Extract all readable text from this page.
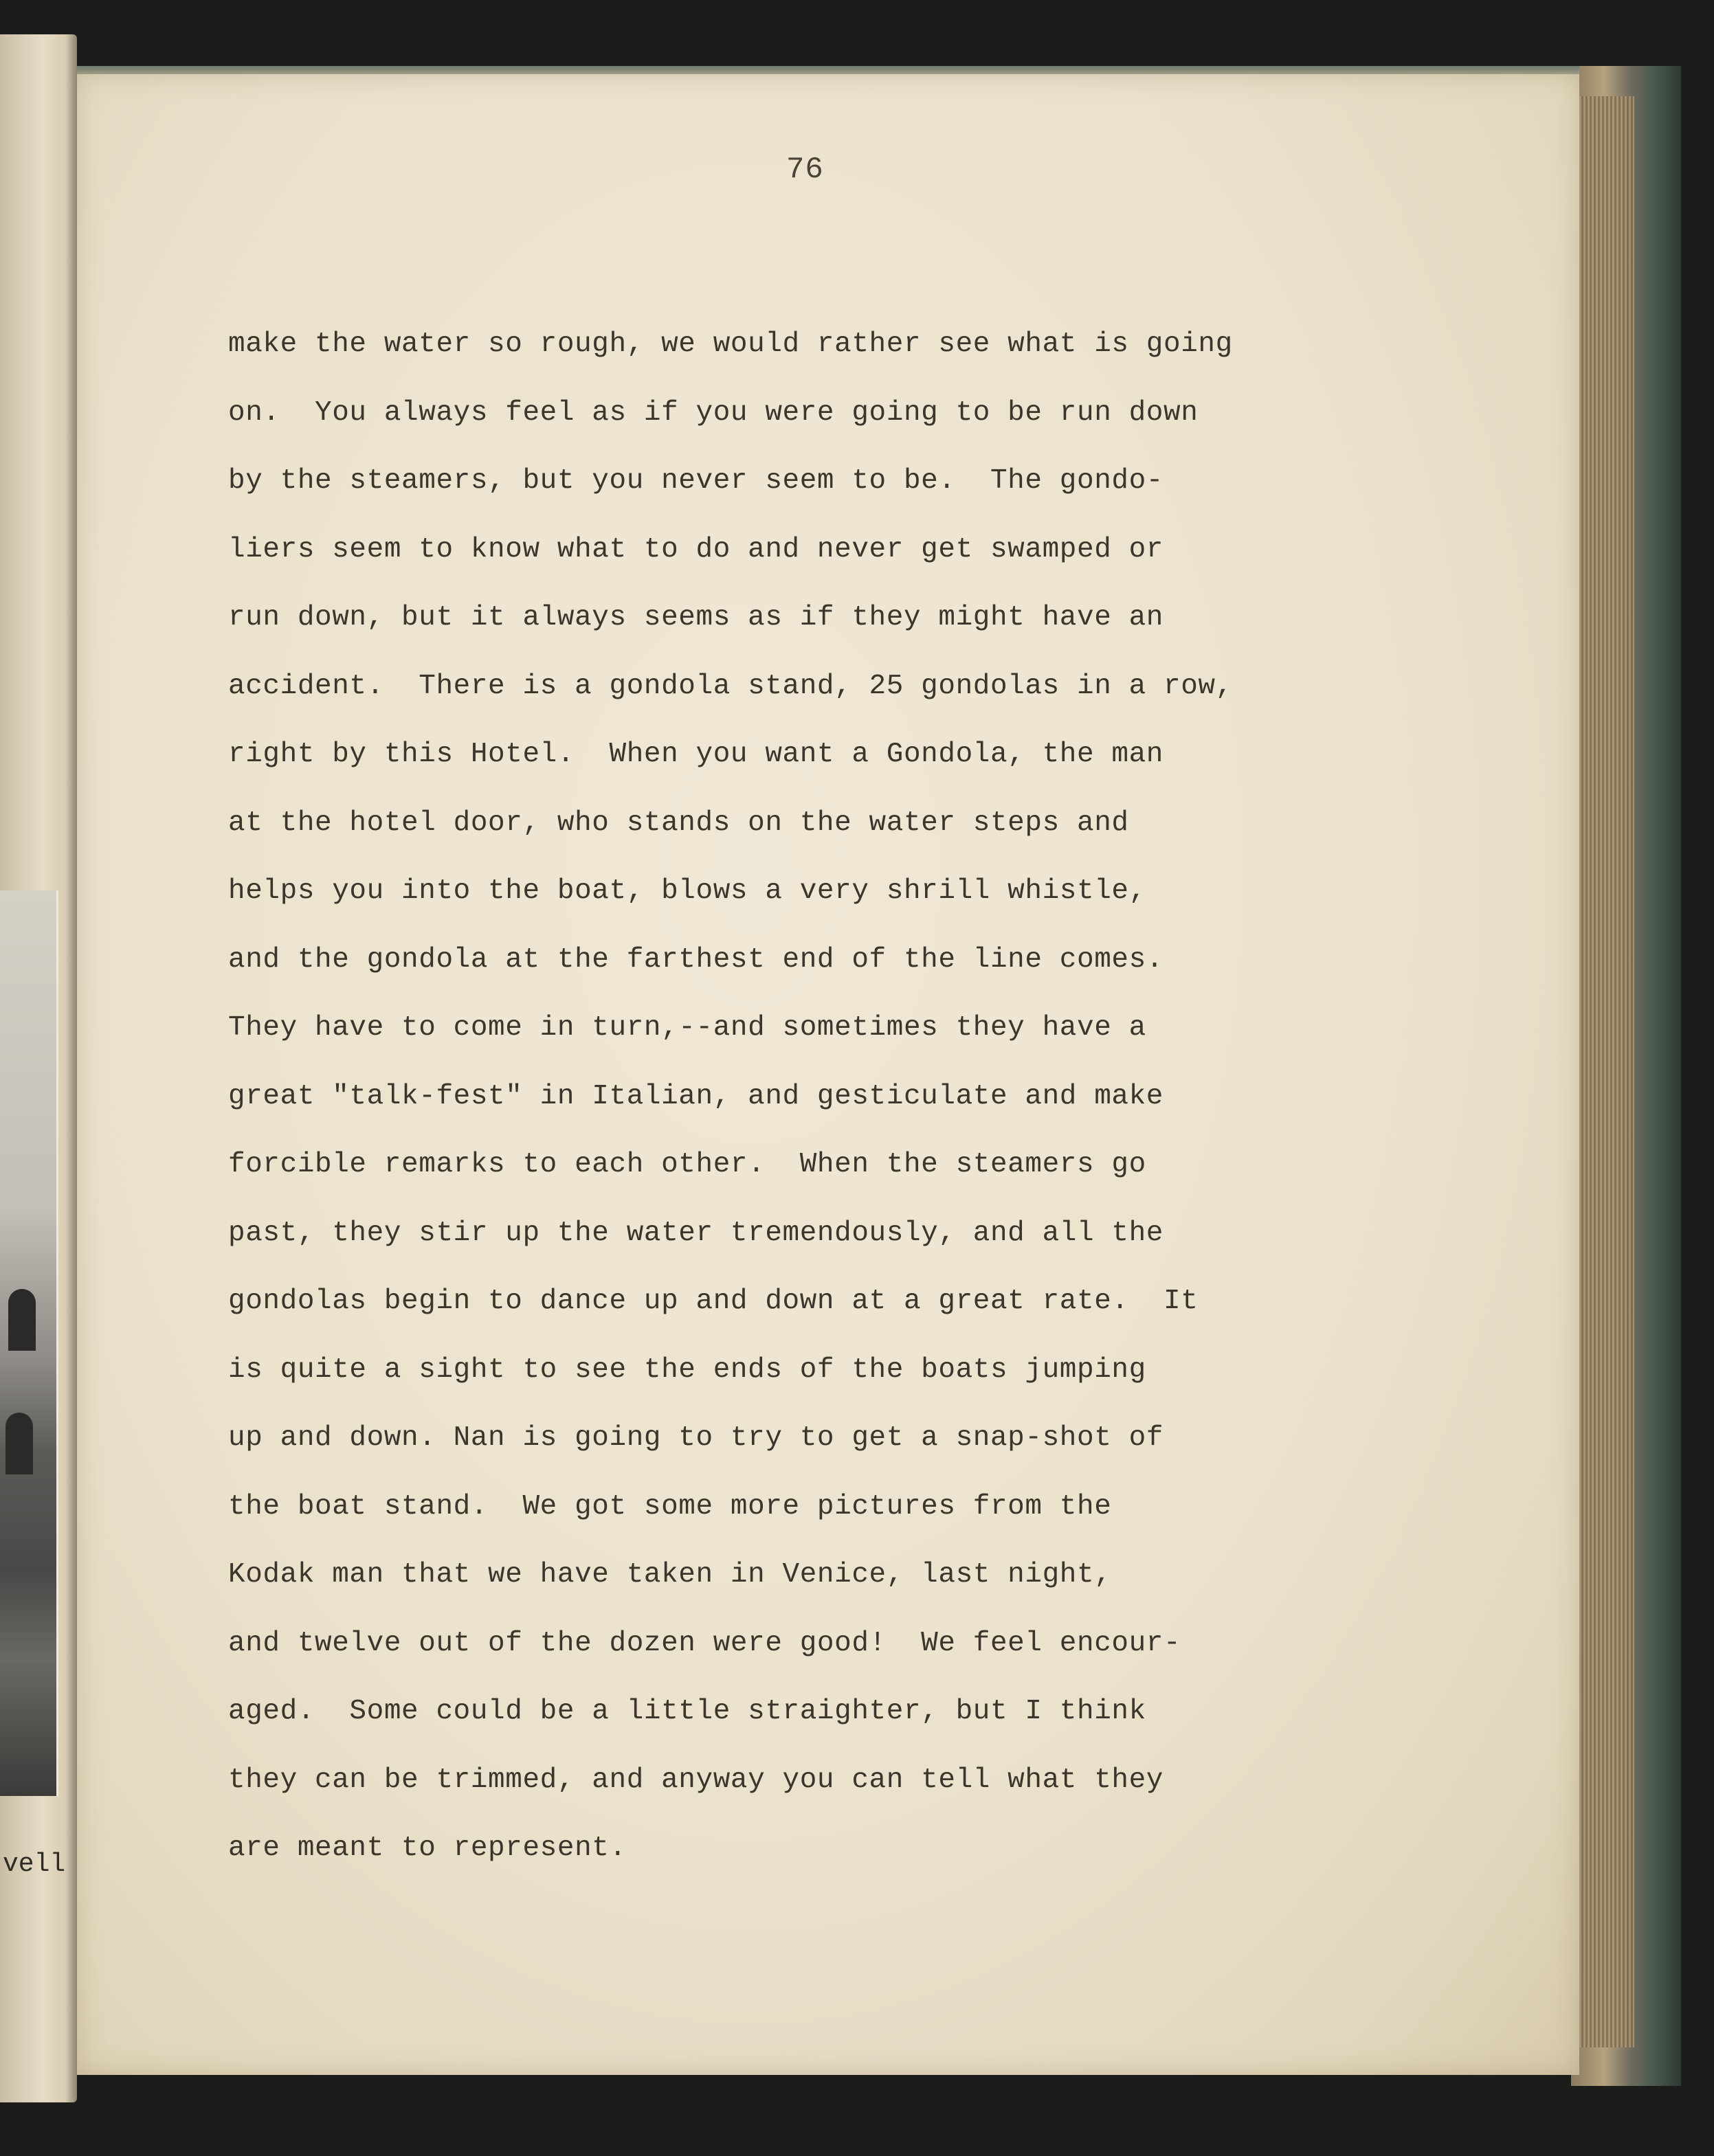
vell
76
make the water so rough, we would rather see what is going
on.  You always feel as if you were going to be run down
by the steamers, but you never seem to be.  The gondo-
liers seem to know what to do and never get swamped or
run down, but it always seems as if they might have an
accident.  There is a gondola stand, 25 gondolas in a row,
right by this Hotel.  When you want a Gondola, the man
at the hotel door, who stands on the water steps and
helps you into the boat, blows a very shrill whistle,
and the gondola at the farthest end of the line comes.
They have to come in turn,--and sometimes they have a
great "talk-fest" in Italian, and gesticulate and make
forcible remarks to each other.  When the steamers go
past, they stir up the water tremendously, and all the
gondolas begin to dance up and down at a great rate.  It
is quite a sight to see the ends of the boats jumping
up and down. Nan is going to try to get a snap-shot of
the boat stand.  We got some more pictures from the
Kodak man that we have taken in Venice, last night,
and twelve out of the dozen were good!  We feel encour-
aged.  Some could be a little straighter, but I think
they can be trimmed, and anyway you can tell what they
are meant to represent.
